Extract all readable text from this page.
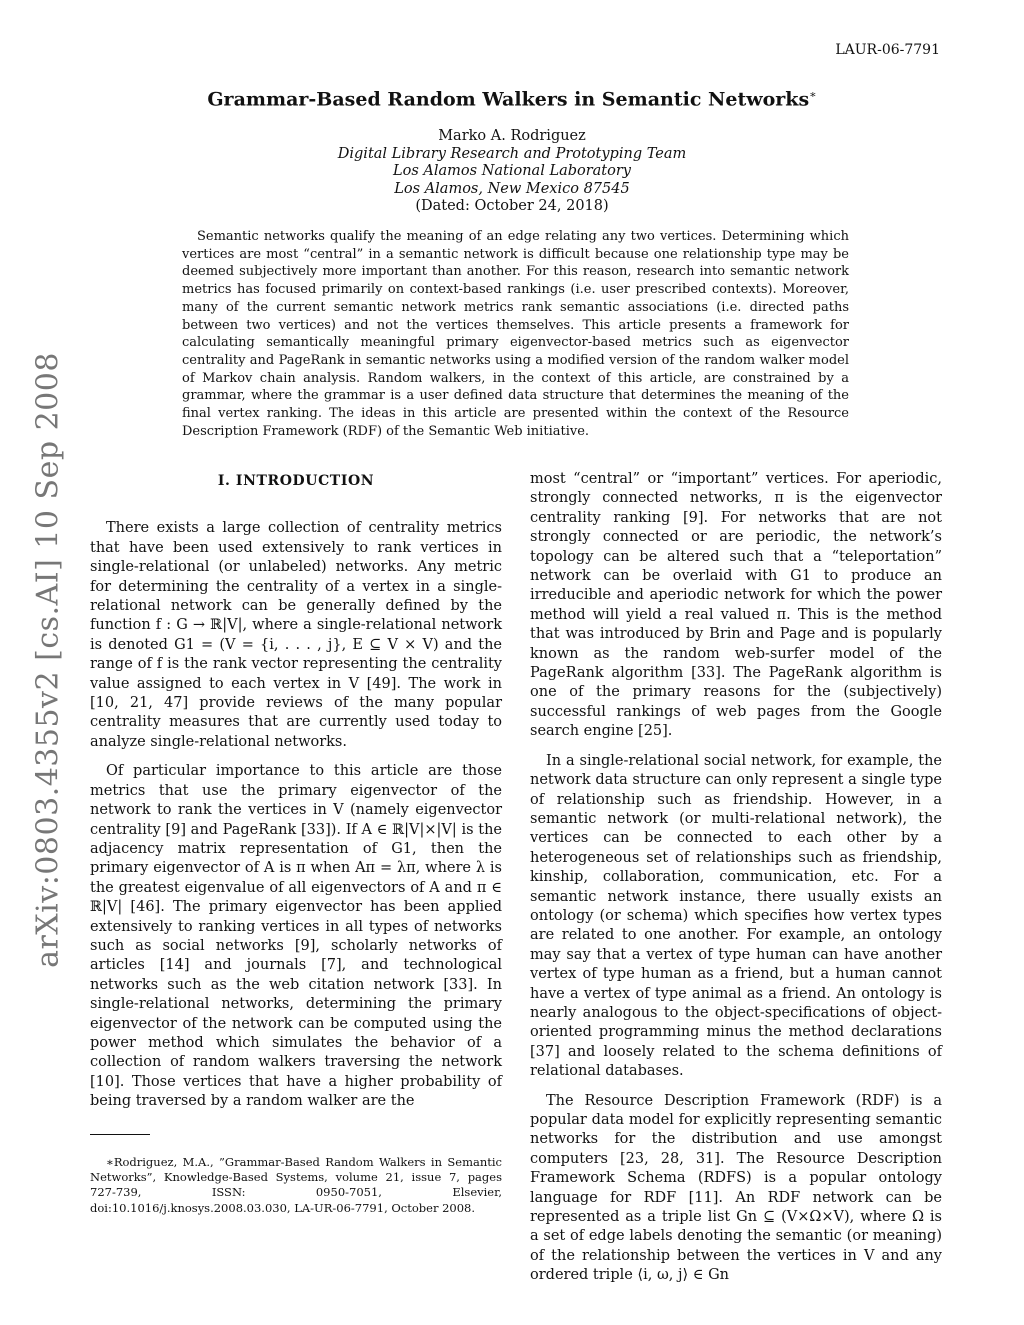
LAUR-06-7791
arXiv:0803.4355v2 [cs.AI] 10 Sep 2008
Grammar-Based Random Walkers in Semantic Networks∗
Marko A. Rodriguez
Digital Library Research and Prototyping Team
Los Alamos National Laboratory
Los Alamos, New Mexico 87545
(Dated: October 24, 2018)
Semantic networks qualify the meaning of an edge relating any two vertices. Determining which vertices are most “central” in a semantic network is difficult because one relationship type may be deemed subjectively more important than another. For this reason, research into semantic network metrics has focused primarily on context-based rankings (i.e. user prescribed contexts). Moreover, many of the current semantic network metrics rank semantic associations (i.e. directed paths between two vertices) and not the vertices themselves. This article presents a framework for calculating semantically meaningful primary eigenvector-based metrics such as eigenvector centrality and PageRank in semantic networks using a modified version of the random walker model of Markov chain analysis. Random walkers, in the context of this article, are constrained by a grammar, where the grammar is a user defined data structure that determines the meaning of the final vertex ranking. The ideas in this article are presented within the context of the Resource Description Framework (RDF) of the Semantic Web initiative.
I. INTRODUCTION

There exists a large collection of centrality metrics that have been used extensively to rank vertices in single-relational (or unlabeled) networks. Any metric for determining the centrality of a vertex in a single-relational network can be generally defined by the function f : G → ℝ|V|, where a single-relational network is denoted G1 = (V = {i, . . . , j}, E ⊆ V × V) and the range of f is the rank vector representing the centrality value assigned to each vertex in V [49]. The work in [10, 21, 47] provide reviews of the many popular centrality measures that are currently used today to analyze single-relational networks.

Of particular importance to this article are those metrics that use the primary eigenvector of the network to rank the vertices in V (namely eigenvector centrality [9] and PageRank [33]). If A ∈ ℝ|V|×|V| is the adjacency matrix representation of G1, then the primary eigenvector of A is π when Aπ = λπ, where λ is the greatest eigenvalue of all eigenvectors of A and π ∈ ℝ|V| [46]. The primary eigenvector has been applied extensively to ranking vertices in all types of networks such as social networks [9], scholarly networks of articles [14] and journals [7], and technological networks such as the web citation network [33]. In single-relational networks, determining the primary eigenvector of the network can be computed using the power method which simulates the behavior of a collection of random walkers traversing the network [10]. Those vertices that have a higher probability of being traversed by a random walker are the

∗Rodriguez, M.A., ”Grammar-Based Random Walkers in Semantic Networks”, Knowledge-Based Systems, volume 21, issue 7, pages 727-739, ISSN: 0950-7051, Elsevier, doi:10.1016/j.knosys.2008.03.030, LA-UR-06-7791, October 2008.

most “central” or “important” vertices. For aperiodic, strongly connected networks, π is the eigenvector centrality ranking [9]. For networks that are not strongly connected or are periodic, the network’s topology can be altered such that a “teleportation” network can be overlaid with G1 to produce an irreducible and aperiodic network for which the power method will yield a real valued π. This is the method that was introduced by Brin and Page and is popularly known as the random web-surfer model of the PageRank algorithm [33]. The PageRank algorithm is one of the primary reasons for the (subjectively) successful rankings of web pages from the Google search engine [25].

In a single-relational social network, for example, the network data structure can only represent a single type of relationship such as friendship. However, in a semantic network (or multi-relational network), the vertices can be connected to each other by a heterogeneous set of relationships such as friendship, kinship, collaboration, communication, etc. For a semantic network instance, there usually exists an ontology (or schema) which specifies how vertex types are related to one another. For example, an ontology may say that a vertex of type human can have another vertex of type human as a friend, but a human cannot have a vertex of type animal as a friend. An ontology is nearly analogous to the object-specifications of object-oriented programming minus the method declarations [37] and loosely related to the schema definitions of relational databases.

The Resource Description Framework (RDF) is a popular data model for explicitly representing semantic networks for the distribution and use amongst computers [23, 28, 31]. The Resource Description Framework Schema (RDFS) is a popular ontology language for RDF [11]. An RDF network can be represented as a triple list Gn ⊆ (V×Ω×V), where Ω is a set of edge labels denoting the semantic (or meaning) of the relationship between the vertices in V and any ordered triple ⟨i, ω, j⟩ ∈ Gn
